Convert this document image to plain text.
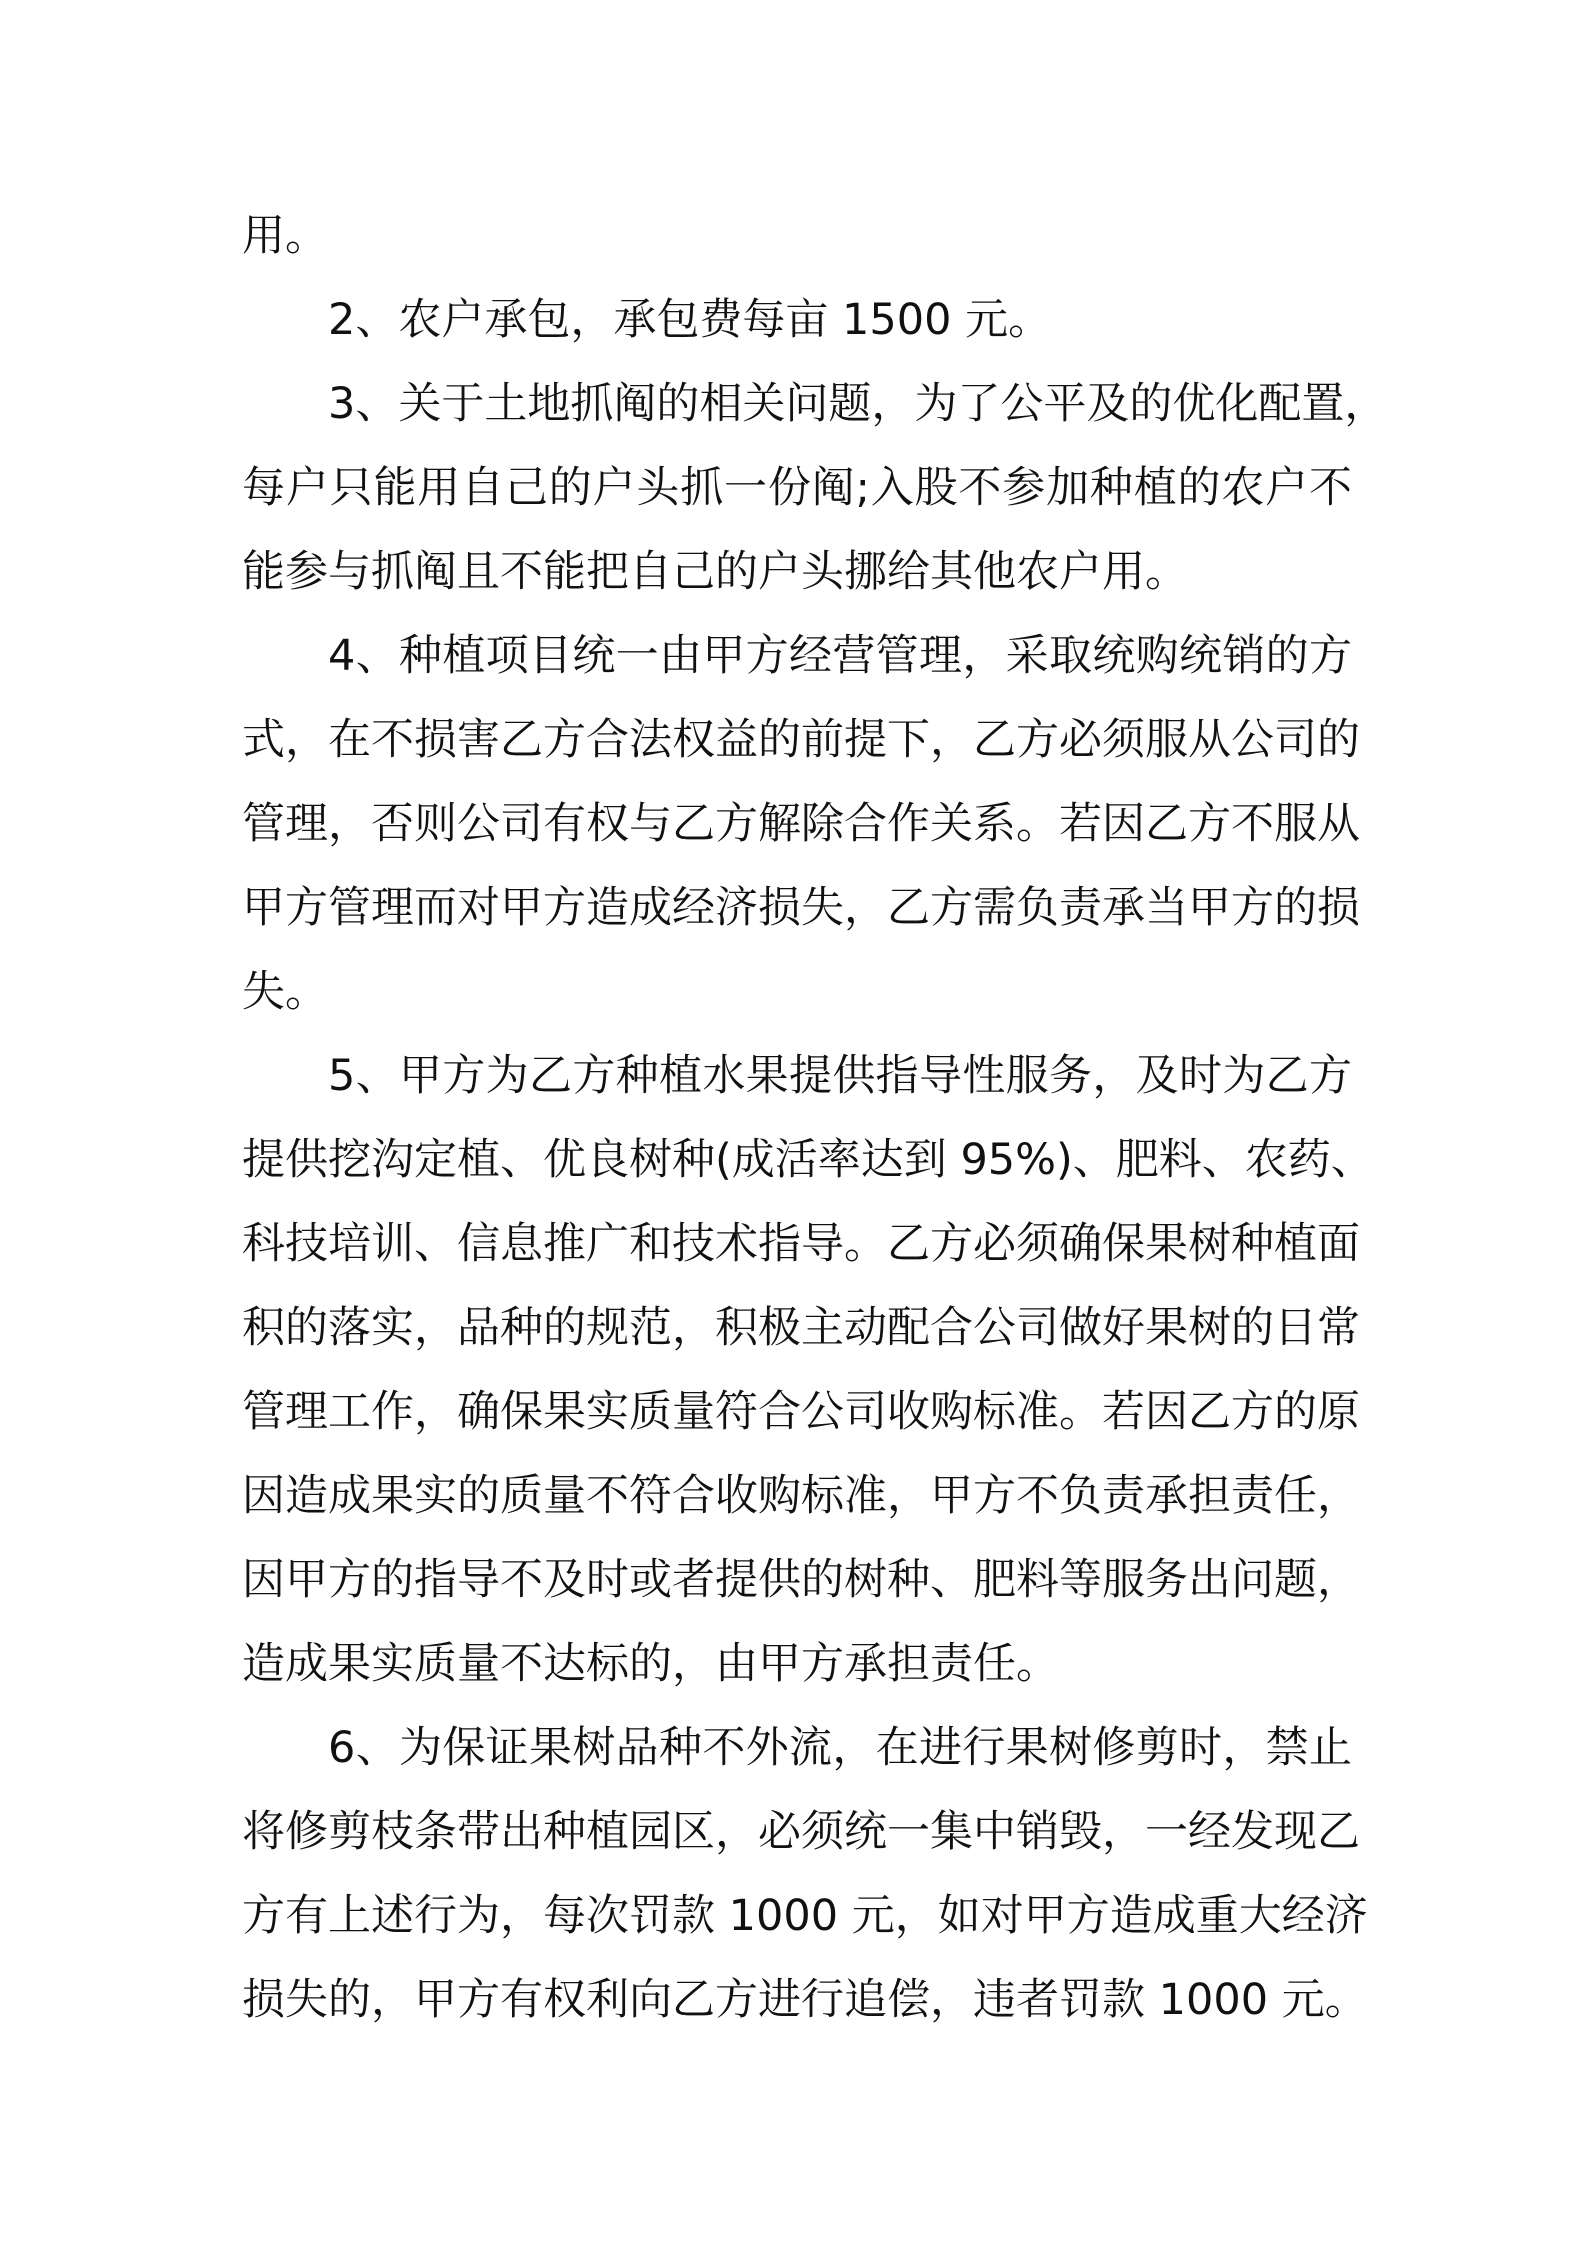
用。
2、农户承包，承包费每亩 1500 元。
3、关于土地抓阄的相关问题，为了公平及的优化配置，
每户只能用自己的户头抓一份阄;入股不参加种植的农户不
能参与抓阄且不能把自己的户头挪给其他农户用。
4、种植项目统一由甲方经营管理，采取统购统销的方
式，在不损害乙方合法权益的前提下，乙方必须服从公司的
管理，否则公司有权与乙方解除合作关系。若因乙方不服从
甲方管理而对甲方造成经济损失，乙方需负责承当甲方的损
失。
5、甲方为乙方种植水果提供指导性服务，及时为乙方
提供挖沟定植、优良树种(成活率达到 95%)、肥料、农药、
科技培训、信息推广和技术指导。乙方必须确保果树种植面
积的落实，品种的规范，积极主动配合公司做好果树的日常
管理工作，确保果实质量符合公司收购标准。若因乙方的原
因造成果实的质量不符合收购标准，甲方不负责承担责任，
因甲方的指导不及时或者提供的树种、肥料等服务出问题，
造成果实质量不达标的，由甲方承担责任。
6、为保证果树品种不外流，在进行果树修剪时，禁止
将修剪枝条带出种植园区，必须统一集中销毁，一经发现乙
方有上述行为，每次罚款 1000 元，如对甲方造成重大经济
损失的，甲方有权利向乙方进行追偿，违者罚款 1000 元。
